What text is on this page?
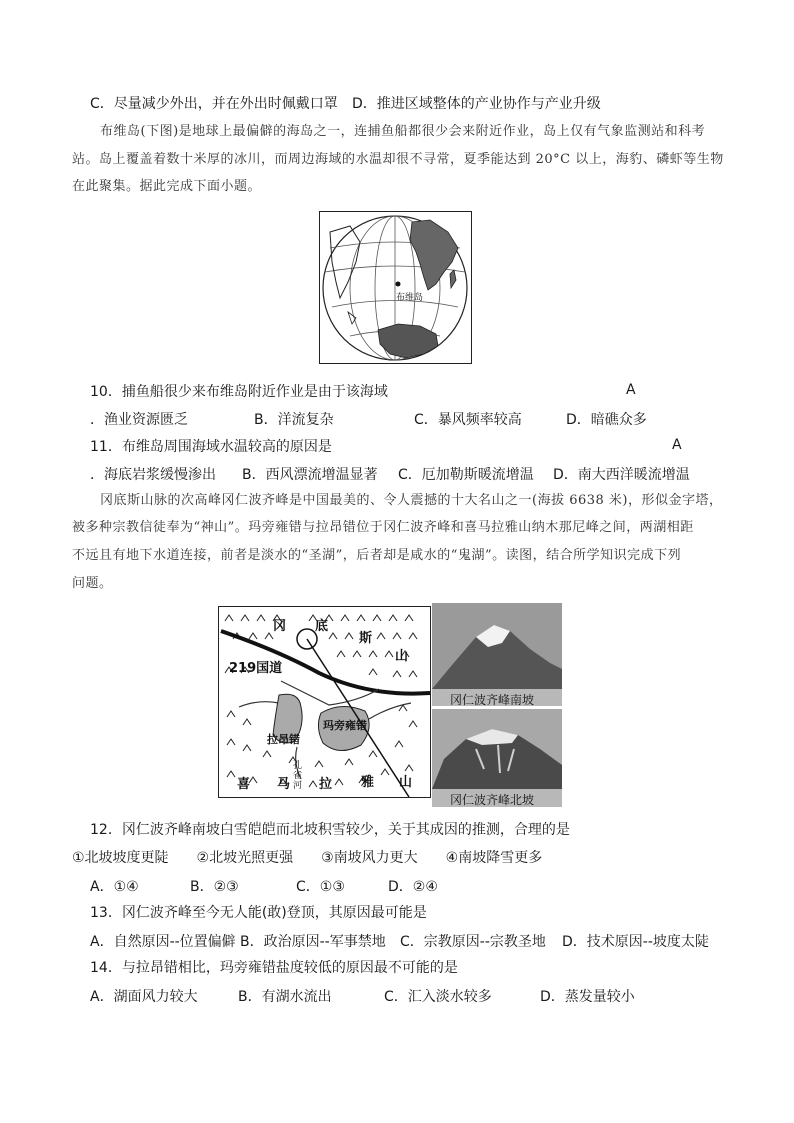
C．尽量减少外出，并在外出时佩戴口罩 D．推进区域整体的产业协作与产业升级
布维岛(下图)是地球上最偏僻的海岛之一，连捕鱼船都很少会来附近作业，岛上仅有气象监测站和科考
站。岛上覆盖着数十米厚的冰川，而周边海域的水温却很不寻常，夏季能达到 20°C 以上，海豹、磷虾等生物
在此聚集。据此完成下面小题。
布维岛
10．捕鱼船很少来布维岛附近作业是由于该海域	A
．渔业资源匮乏	B．洋流复杂	C．暴风频率较高	D．暗礁众多
11．布维岛周围海域水温较高的原因是	A
．海底岩浆缓慢渗出 B．西风漂流增温显著 C．厄加勒斯暖流增温 D．南大西洋暖流增温
冈底斯山脉的次高峰冈仁波齐峰是中国最美的、令人震撼的十大名山之一(海拔 6638 米)，形似金字塔，
被多种宗教信徒奉为“神山”。玛旁雍错与拉昂错位于冈仁波齐峰和喜马拉雅山纳木那尼峰之间，两湖相距
不远且有地下水道连接，前者是淡水的“圣湖”，后者却是咸水的“鬼湖”。读图，结合所学知识完成下列
问题。
冈 底
斯
山
219国道
玛旁雍错
拉昂错
孔雀河
喜 马 拉 雅 山
冈仁波齐峰南坡
冈仁波齐峰北坡
12．冈仁波齐峰南坡白雪皑皑而北坡积雪较少，关于其成因的推测，合理的是
①北坡坡度更陡　　②北坡光照更强　　③南坡风力更大　　④南坡降雪更多
A．①④	B．②③	C．①③	D．②④
13．冈仁波齐峰至今无人能(敢)登顶，其原因最可能是
A．自然原因--位置偏僻 B．政治原因--军事禁地 C．宗教原因--宗教圣地 D．技术原因--坡度太陡
14．与拉昂错相比，玛旁雍错盐度较低的原因最不可能的是
A．湖面风力较大	B．有湖水流出	C．汇入淡水较多	D．蒸发量较小
